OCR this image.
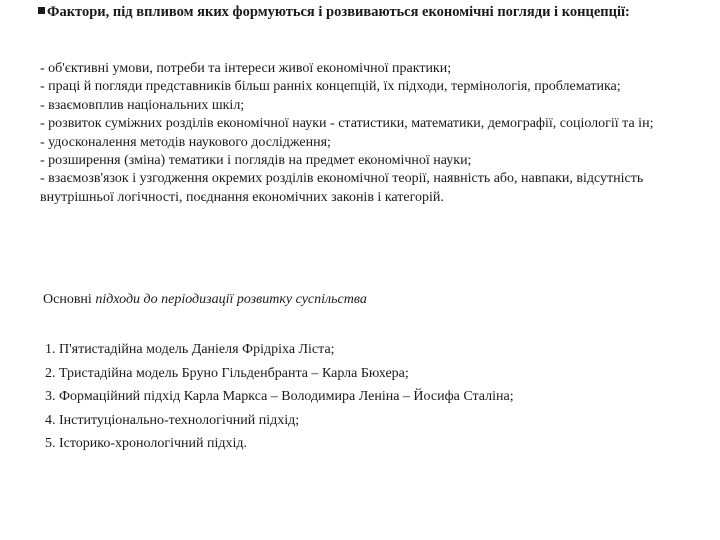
Фактори, під впливом яких формуються і розвиваються економічні погляди і концепції:
- об'єктивні умови, потреби та інтереси живої економічної практики;
- праці й погляди представників більш ранніх концепцій, їх підходи, термінологія, проблематика;
- взаємовплив національних шкіл;
- розвиток суміжних розділів економічної науки - статистики, математики, демографії, соціології та ін;
- удосконалення методів наукового дослідження;
- розширення (зміна) тематики і поглядів на предмет економічної науки;
- взаємозв'язок і узгодження окремих розділів економічної теорії, наявність або, навпаки, відсутність внутрішньої логічності, поєднання економічних законів і категорій.
Основні підходи до періодизації розвитку суспільства
1. П'ятистадійна модель Даніеля Фрідріха Ліста;
2. Тристадійна модель Бруно Гільденбранта – Карла Бюхера;
3. Формаційний підхід Карла Маркса – Володимира Леніна – Йосифа Сталіна;
4. Інституціонально-технологічний підхід;
5. Історико-хронологічний підхід.
